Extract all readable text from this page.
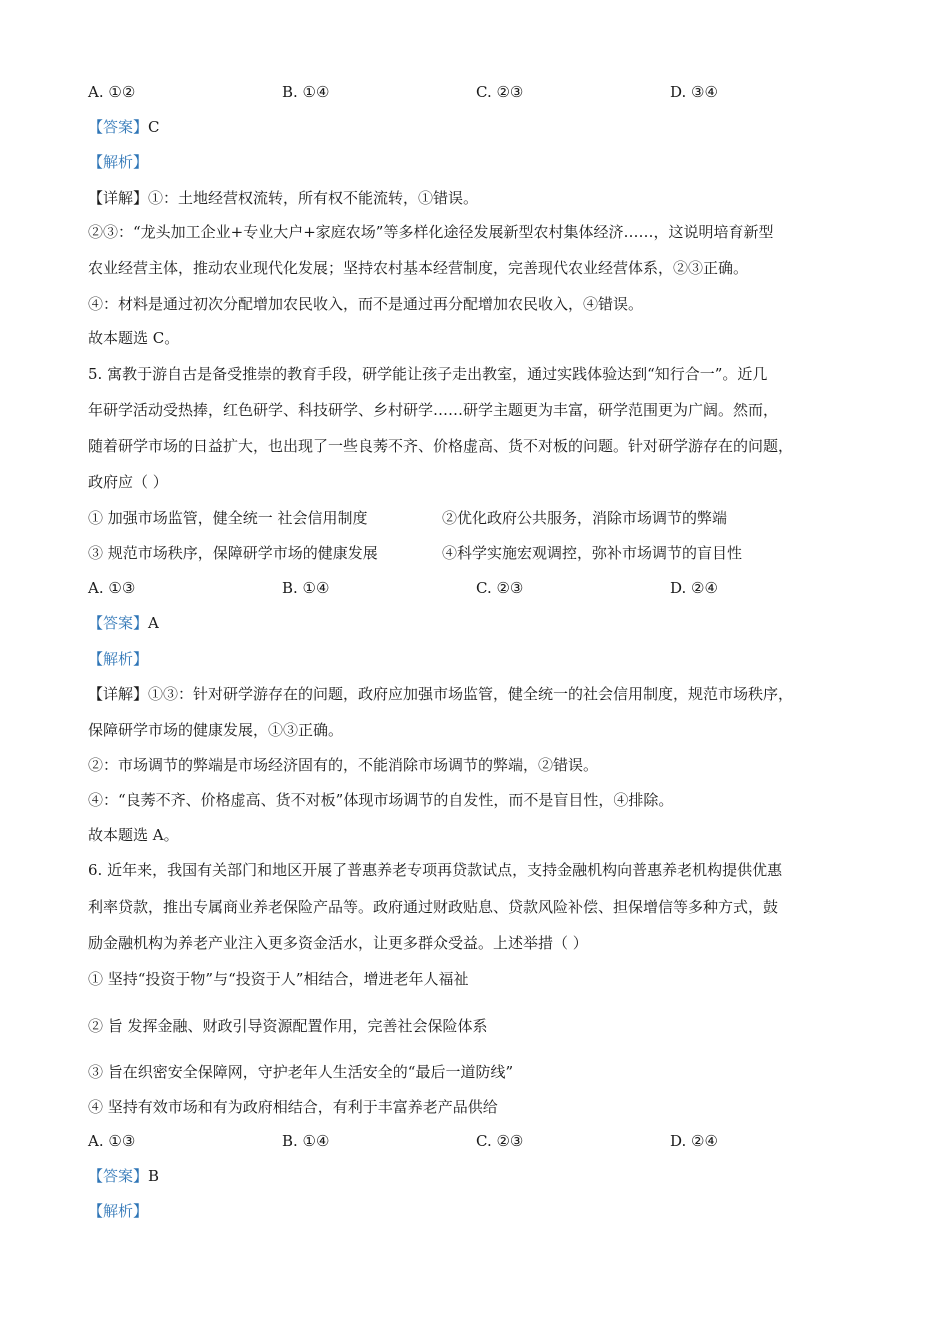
A. ①②	B. ①④	C. ②③	D. ③④
【答案】C
【解析】
【详解】①：土地经营权流转，所有权不能流转，①错误。
②③：“龙头加工企业+专业大户+家庭农场”等多样化途径发展新型农村集体经济……，这说明培育新型
农业经营主体，推动农业现代化发展；坚持农村基本经营制度，完善现代农业经营体系，②③正确。
④：材料是通过初次分配增加农民收入，而不是通过再分配增加农民收入，④错误。
故本题选 C。
5. 寓教于游自古是备受推崇的教育手段，研学能让孩子走出教室，通过实践体验达到“知行合一”。近几
年研学活动受热捧，红色研学、科技研学、乡村研学……研学主题更为丰富，研学范围更为广阔。然而，
随着研学市场的日益扩大，也出现了一些良莠不齐、价格虚高、货不对板的问题。针对研学游存在的问题，
政府应（ ）
① 加强市场监管，健全统一 社会信用制度	②优化政府公共服务，消除市场调节的弊端
③ 规范市场秩序，保障研学市场的健康发展	④科学实施宏观调控，弥补市场调节的盲目性
A. ①③	B. ①④	C. ②③	D. ②④
【答案】A
【解析】
【详解】①③：针对研学游存在的问题，政府应加强市场监管，健全统一的社会信用制度，规范市场秩序，
保障研学市场的健康发展，①③正确。
②：市场调节的弊端是市场经济固有的，不能消除市场调节的弊端，②错误。
④：“良莠不齐、价格虚高、货不对板”体现市场调节的自发性，而不是盲目性，④排除。
故本题选 A。
6. 近年来，我国有关部门和地区开展了普惠养老专项再贷款试点，支持金融机构向普惠养老机构提供优惠
利率贷款，推出专属商业养老保险产品等。政府通过财政贴息、贷款风险补偿、担保增信等多种方式，鼓
励金融机构为养老产业注入更多资金活水，让更多群众受益。上述举措（ ）
① 坚持“投资于物”与“投资于人”相结合，增进老年人福祉
② 旨 发挥金融、财政引导资源配置作用，完善社会保险体系
③ 旨在织密安全保障网，守护老年人生活安全的“最后一道防线”
④ 坚持有效市场和有为政府相结合，有利于丰富养老产品供给
A. ①③	B. ①④	C. ②③	D. ②④
【答案】B
【解析】
